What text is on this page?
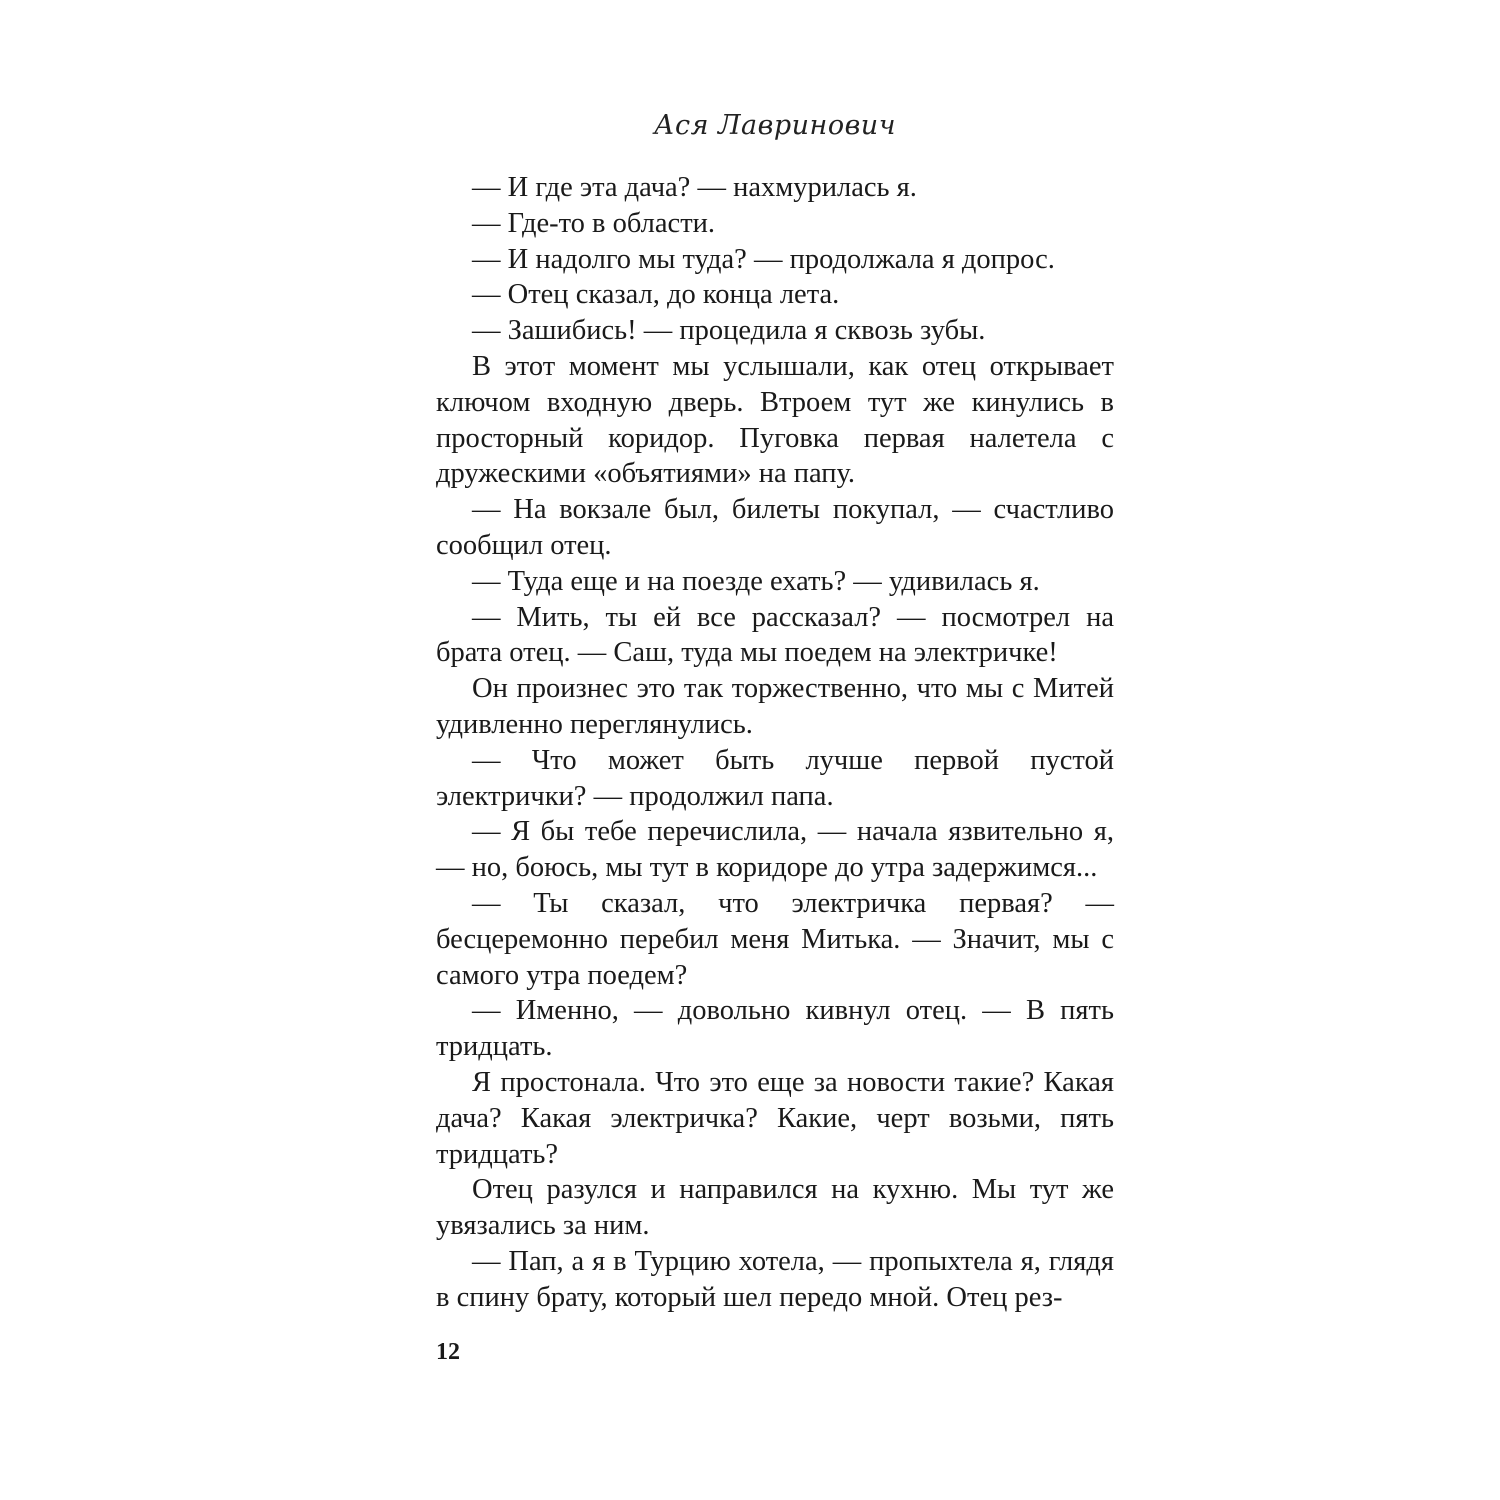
Ася Лавринович

— И где эта дача? — нахмурилась я.

— Где-то в области.

— И надолго мы туда? — продолжала я допрос.

— Отец сказал, до конца лета.

— Зашибись! — процедила я сквозь зубы.

В этот момент мы услышали, как отец открывает ключом входную дверь. Втроем тут же кинулись в просторный коридор. Пуговка первая налетела с дружескими «объятиями» на папу.

— На вокзале был, билеты покупал, — счастливо сообщил отец.

— Туда еще и на поезде ехать? — удивилась я.

— Мить, ты ей все рассказал? — посмотрел на брата отец. — Саш, туда мы поедем на электричке!

Он произнес это так торжественно, что мы с Митей удивленно переглянулись.

— Что может быть лучше первой пустой электрички? — продолжил папа.

— Я бы тебе перечислила, — начала язвительно я, — но, боюсь, мы тут в коридоре до утра задержимся...

— Ты сказал, что электричка первая? — бесцеремонно перебил меня Митька. — Значит, мы с самого утра поедем?

— Именно, — довольно кивнул отец. — В пять тридцать.

Я простонала. Что это еще за новости такие? Какая дача? Какая электричка? Какие, черт возьми, пять тридцать?

Отец разулся и направился на кухню. Мы тут же увязались за ним.

— Пап, а я в Турцию хотела, — пропыхтела я, глядя в спину брату, который шел передо мной. Отец рез-

12
